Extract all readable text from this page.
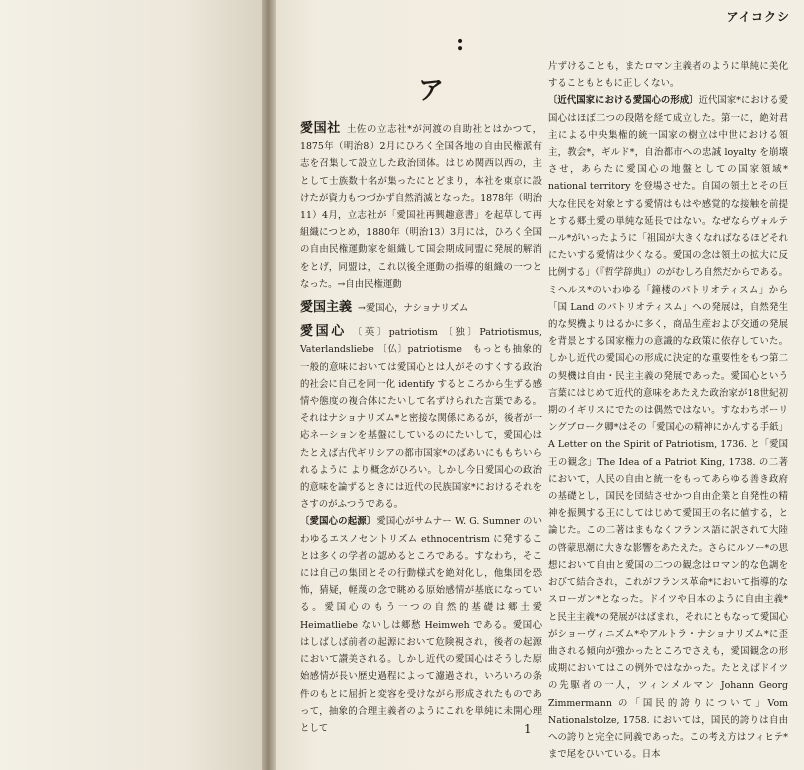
アイコクシ
:
ア

愛国社 土佐の立志社*が河渡の自助社とはかつて，1875年（明治8）2月にひろく全国各地の自由民権派有志を召集して設立した政治団体。はじめ関西以西の，主として士族数十名が集ったにとどまり，本社を東京に設けたが資力もつづかず自然消滅となった。1878年（明治11）4月，立志社が「愛国社再興趣意書」を起草して再組織につとめ，1880年（明治13）3月には，ひろく全国の自由民権運動家を組織して国会期成同盟に発展的解消をとげ，同盟は，これ以後全運動の指導的組織の一つとなった。→自由民権運動

愛国主義 →愛国心，ナショナリズム

愛国心 〔英〕patriotism 〔独〕Patriotismus, Vaterlandsliebe 〔仏〕patriotisme　もっとも抽象的一般的意味においては愛国心とは人がそのすくする政治的社会に自己を同一化 identify するところから生ずる感情や態度の複合体にたいして名ずけられた言葉である。それはナショナリズム*と密接な関係にあるが，後者が一応ネーションを基盤にしているのにたいして，愛国心はたとえば古代ギリシアの都市国家*のばあいにももちいられるように より概念がひろい。しかし今日愛国心の政治的意味を論ずるときには近代の民族国家*におけるそれをさすのがふつうである。

〔愛国心の起源〕愛国心がサムナー W. G. Sumner のいわゆるエスノセントリズム ethnocentrism に発することは多くの学者の認めるところである。すなわち，そこには自己の集団とその行動様式を絶対化し，他集団を恐怖，猜疑，軽蔑の念で眺める原始感情が基底になっている。愛国心のもう一つの自然的基礎は郷土愛 Heimatliebe ないしは郷愁 Heimweh である。愛国心はしばしば前者の起源において危険視され，後者の起源において讃美される。しかし近代の愛国心はそうした原始感情が長い歴史過程によって濾過され，いろいろの条件のもとに屈折と変容を受けながら形成されたものであって，抽象的合理主義者のようにこれを単純に未開心理として

片ずけることも，またロマン主義者のように単純に美化することもともに正しくない。

〔近代国家における愛国心の形成〕近代国家*における愛国心はほぼ二つの段階を経て成立した。第一に，絶対君主による中央集権的統一国家の樹立は中世における領主，教会*，ギルド*，自治都市への忠誠 loyalty を崩壊させ，あらたに愛国心の地盤としての国家領域* national territory を登場させた。自国の領土とその巨大な住民を対象とする愛情はもはや感覚的な接触を前提とする郷土愛の単純な延長ではない。なぜならヴォルテール*がいったように「祖国が大きくなればなるほどそれにたいする愛情は少くなる。愛国の念は領土の拡大に反比例する」（『哲学辞典』）のがむしろ自然だからである。ミヘルス*のいわゆる「鐘楼のパトリオティスム」から「国 Land のパトリオティスム」への発展は，自然発生的な契機よりはるかに多く，商品生産および交通の発展を背景とする国家権力の意識的な政策に依存していた。しかし近代の愛国心の形成に決定的な重要性をもつ第二の契機は自由・民主主義の発展であった。愛国心という言葉にはじめて近代的意味をあたえた政治家が18世紀初期のイギリスにでたのは偶然ではない。すなわちボーリングブローク卿*はその「愛国心の精神にかんする手紙」A Letter on the Spirit of Patriotism, 1736. と「愛国王の観念」The Idea of a Patriot King, 1738. の二著において，人民の自由と統一をもってあらゆる善き政府の基礎とし，国民を団結させかつ自由企業と自発性の精神を振興する王にしてはじめて愛国王の名に値する，と論じた。この二著はまもなくフランス語に訳されて大陸の啓蒙思潮に大きな影響をあたえた。さらにルソー*の思想において自由と愛国の二つの観念はロマン的な色調をおびて結合され，これがフランス革命*において指導的なスローガン*となった。ドイツや日本のように自由主義*と民主主義*の発展がはばまれ，それにともなって愛国心がショーヴィニズム*やアルトラ・ナショナリズム*に歪曲される傾向が強かったところでさえも，愛国観念の形成期においてはこの例外ではなかった。たとえばドイツの先駆者の一人，ツィンメルマン Johann Georg Zimmermann の「国民的誇りについて」Vom Nationalstolze, 1758. においては，国民的誇りは自由への誇りと完全に同義であった。この考え方はフィヒテ*まで尾をひいている。日本

1
